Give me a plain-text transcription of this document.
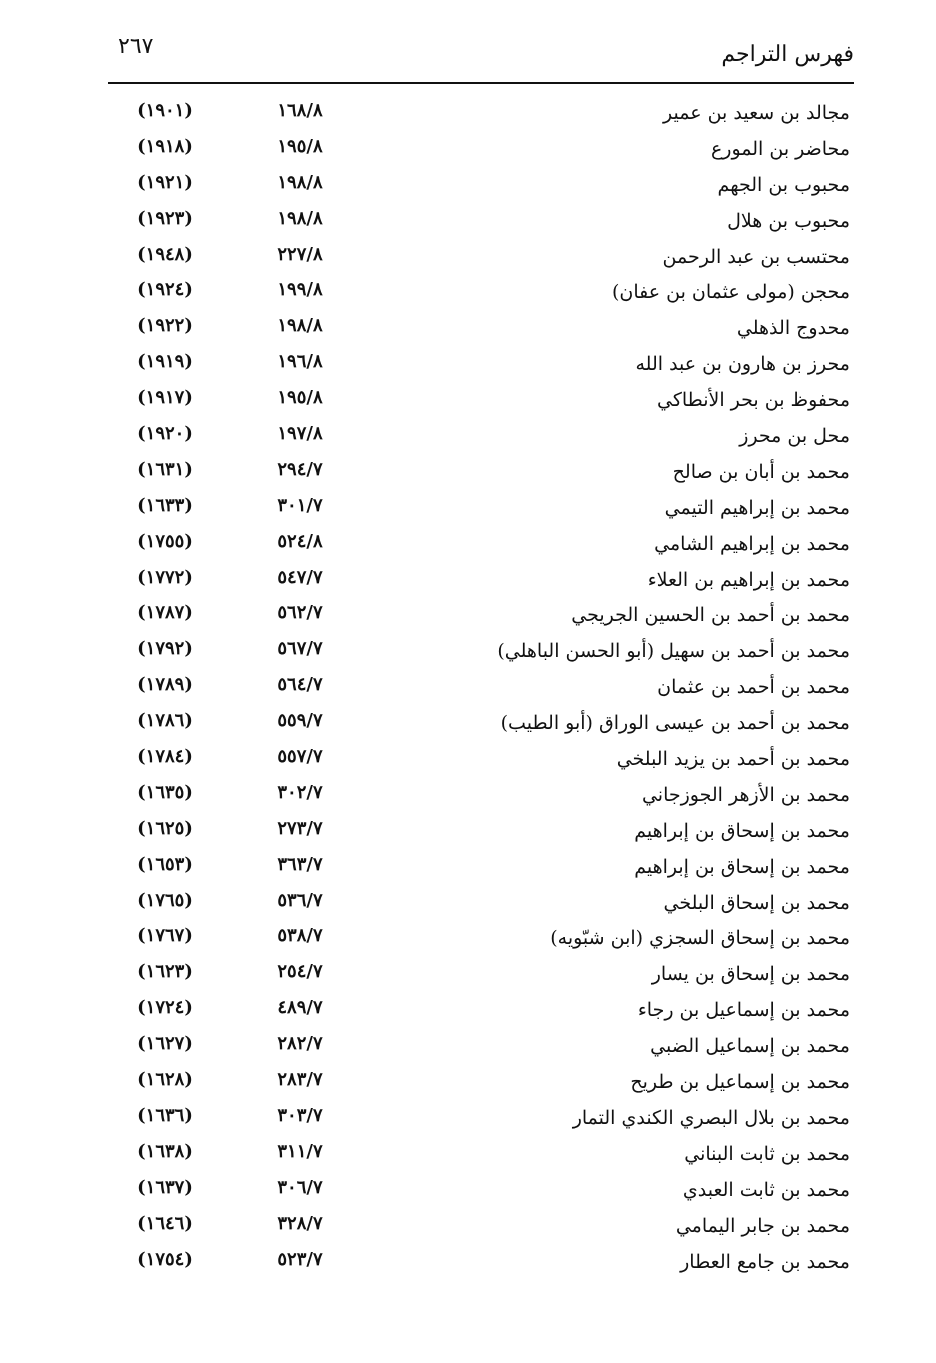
فهرس التراجم
٢٦٧
مجالد بن سعيد بن عمير
١٦٨/٨
(١٩٠١)
محاضر بن المورع
١٩٥/٨
(١٩١٨)
محبوب بن الجهم
١٩٨/٨
(١٩٢١)
محبوب بن هلال
١٩٨/٨
(١٩٢٣)
محتسب بن عبد الرحمن
٢٢٧/٨
(١٩٤٨)
محجن (مولى عثمان بن عفان)
١٩٩/٨
(١٩٢٤)
محدوج الذهلي
١٩٨/٨
(١٩٢٢)
محرز بن هارون بن عبد الله
١٩٦/٨
(١٩١٩)
محفوظ بن بحر الأنطاكي
١٩٥/٨
(١٩١٧)
محل بن محرز
١٩٧/٨
(١٩٢٠)
محمد بن أبان بن صالح
٢٩٤/٧
(١٦٣١)
محمد بن إبراهيم التيمي
٣٠١/٧
(١٦٣٣)
محمد بن إبراهيم الشامي
٥٢٤/٨
(١٧٥٥)
محمد بن إبراهيم بن العلاء
٥٤٧/٧
(١٧٧٢)
محمد بن أحمد بن الحسين الجريجي
٥٦٢/٧
(١٧٨٧)
محمد بن أحمد بن سهيل (أبو الحسن الباهلي)
٥٦٧/٧
(١٧٩٢)
محمد بن أحمد بن عثمان
٥٦٤/٧
(١٧٨٩)
محمد بن أحمد بن عيسى الوراق (أبو الطيب)
٥٥٩/٧
(١٧٨٦)
محمد بن أحمد بن يزيد البلخي
٥٥٧/٧
(١٧٨٤)
محمد بن الأزهر الجوزجاني
٣٠٢/٧
(١٦٣٥)
محمد بن إسحاق بن إبراهيم
٢٧٣/٧
(١٦٢٥)
محمد بن إسحاق بن إبراهيم
٣٦٣/٧
(١٦٥٣)
محمد بن إسحاق البلخي
٥٣٦/٧
(١٧٦٥)
محمد بن إسحاق السجزي (ابن شبّويه)
٥٣٨/٧
(١٧٦٧)
محمد بن إسحاق بن يسار
٢٥٤/٧
(١٦٢٣)
محمد بن إسماعيل بن رجاء
٤٨٩/٧
(١٧٢٤)
محمد بن إسماعيل الضبي
٢٨٢/٧
(١٦٢٧)
محمد بن إسماعيل بن طريح
٢٨٣/٧
(١٦٢٨)
محمد بن بلال البصري الكندي التمار
٣٠٣/٧
(١٦٣٦)
محمد بن ثابت البناني
٣١١/٧
(١٦٣٨)
محمد بن ثابت العبدي
٣٠٦/٧
(١٦٣٧)
محمد بن جابر اليمامي
٣٢٨/٧
(١٦٤٦)
محمد بن جامع العطار
٥٢٣/٧
(١٧٥٤)
